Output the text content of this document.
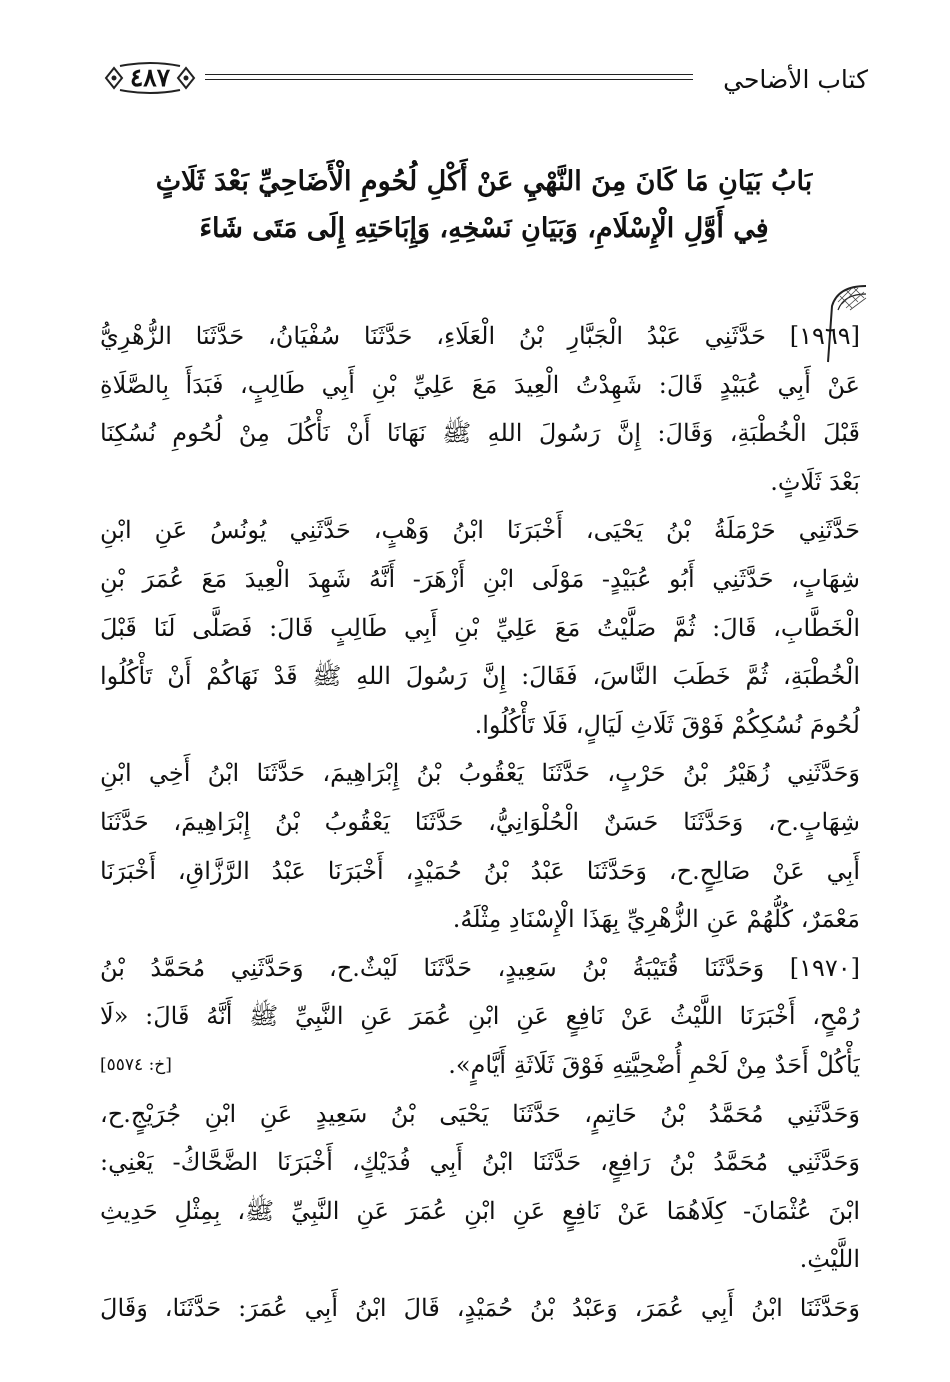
كتاب الأضاحي
٤٨٧
بَابُ بَيَانِ مَا كَانَ مِنَ النَّهْيِ عَنْ أَكْلِ لُحُومِ الْأَضَاحِيِّ بَعْدَ ثَلَاثٍ
فِي أَوَّلِ الْإِسْلَامِ، وَبَيَانِ نَسْخِهِ، وَإِبَاحَتِهِ إِلَى مَتَى شَاءَ
[١٩٦٩] حَدَّثَنِي عَبْدُ الْجَبَّارِ بْنُ الْعَلَاءِ، حَدَّثَنَا سُفْيَانُ، حَدَّثَنَا الزُّهْرِيُّ
عَنْ أَبِي عُبَيْدٍ قَالَ: شَهِدْتُ الْعِيدَ مَعَ عَلِيِّ بْنِ أَبِي طَالِبٍ، فَبَدَأَ بِالصَّلَاةِ
قَبْلَ الْخُطْبَةِ، وَقَالَ: إِنَّ رَسُولَ اللهِ ﷺ نَهَانَا أَنْ نَأْكُلَ مِنْ لُحُومِ نُسُكِنَا
بَعْدَ ثَلَاثٍ.
حَدَّثَنِي حَرْمَلَةُ بْنُ يَحْيَى، أَخْبَرَنَا ابْنُ وَهْبٍ، حَدَّثَنِي يُونُسُ عَنِ ابْنِ
شِهَابٍ، حَدَّثَنِي أَبُو عُبَيْدٍ- مَوْلَى ابْنِ أَزْهَرَ- أَنَّهُ شَهِدَ الْعِيدَ مَعَ عُمَرَ بْنِ
الْخَطَّابِ، قَالَ: ثُمَّ صَلَّيْتُ مَعَ عَلِيِّ بْنِ أَبِي طَالِبٍ قَالَ: فَصَلَّى لَنَا قَبْلَ
الْخُطْبَةِ، ثُمَّ خَطَبَ النَّاسَ، فَقَالَ: إِنَّ رَسُولَ اللهِ ﷺ قَدْ نَهَاكُمْ أَنْ تَأْكُلُوا
لُحُومَ نُسُكِكُمْ فَوْقَ ثَلَاثِ لَيَالٍ، فَلَا تَأْكُلُوا.
وَحَدَّثَنِي زُهَيْرُ بْنُ حَرْبٍ، حَدَّثَنَا يَعْقُوبُ بْنُ إِبْرَاهِيمَ، حَدَّثَنَا ابْنُ أَخِي ابْنِ
شِهَابٍ.ح، وَحَدَّثَنَا حَسَنٌ الْحُلْوَانِيُّ، حَدَّثَنَا يَعْقُوبُ بْنُ إِبْرَاهِيمَ، حَدَّثَنَا
أَبِي عَنْ صَالِحٍ.ح، وَحَدَّثَنَا عَبْدُ بْنُ حُمَيْدٍ، أَخْبَرَنَا عَبْدُ الرَّزَّاقِ، أَخْبَرَنَا
مَعْمَرٌ، كُلُّهُمْ عَنِ الزُّهْرِيِّ بِهَذَا الْإِسْنَادِ مِثْلَهُ.
[١٩٧٠] وَحَدَّثَنَا قُتَيْبَةُ بْنُ سَعِيدٍ، حَدَّثَنَا لَيْثٌ.ح، وَحَدَّثَنِي مُحَمَّدُ بْنُ
رُمْحٍ، أَخْبَرَنَا اللَّيْثُ عَنْ نَافِعٍ عَنِ ابْنِ عُمَرَ عَنِ النَّبِيِّ ﷺ أَنَّهُ قَالَ: «لَا
يَأْكُلْ أَحَدٌ مِنْ لَحْمِ أُضْحِيَّتِهِ فَوْقَ ثَلَاثَةِ أَيَّامٍ».
[خ: ٥٥٧٤]
وَحَدَّثَنِي مُحَمَّدُ بْنُ حَاتِمٍ، حَدَّثَنَا يَحْيَى بْنُ سَعِيدٍ عَنِ ابْنِ جُرَيْجٍ.ح،
وَحَدَّثَنِي مُحَمَّدُ بْنُ رَافِعٍ، حَدَّثَنَا ابْنُ أَبِي فُدَيْكٍ، أَخْبَرَنَا الضَّحَّاكُ- يَعْنِي:
ابْنَ عُثْمَانَ- كِلَاهُمَا عَنْ نَافِعٍ عَنِ ابْنِ عُمَرَ عَنِ النَّبِيِّ ﷺ، بِمِثْلِ حَدِيثِ
اللَّيْثِ.
وَحَدَّثَنَا ابْنُ أَبِي عُمَرَ، وَعَبْدُ بْنُ حُمَيْدٍ، قَالَ ابْنُ أَبِي عُمَرَ: حَدَّثَنَا، وَقَالَ
